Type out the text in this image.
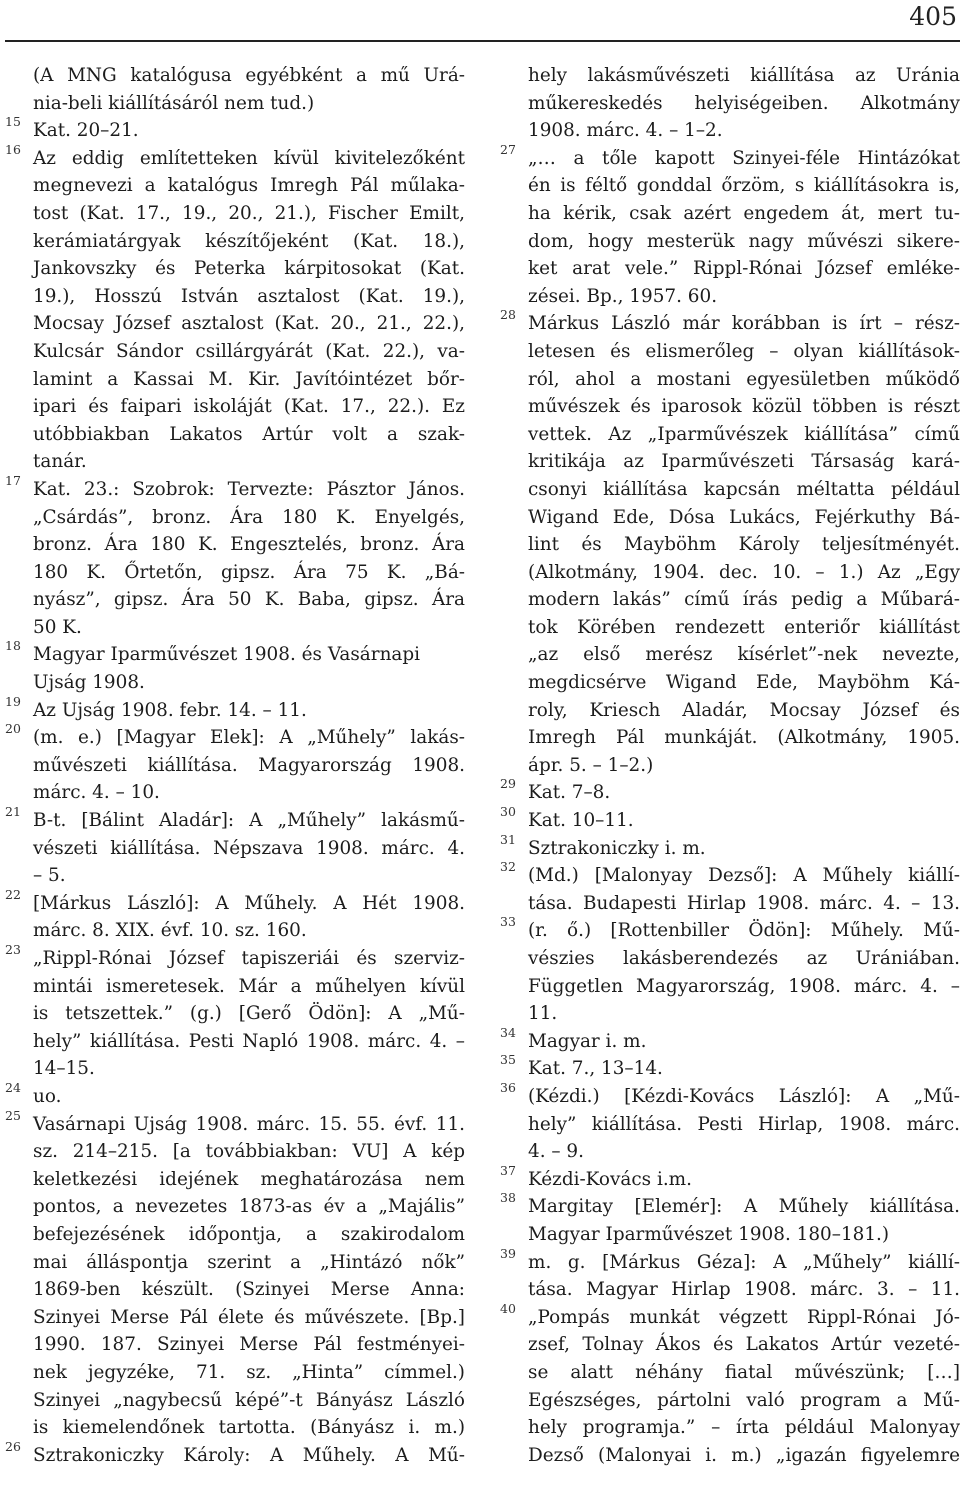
405
(A MNG katalógusa egyébként a mű Urá-
nia-beli kiállításáról nem tud.)
15 Kat. 20–21.
16 Az eddig említetteken kívül kivitelezőként
megnevezi a katalógus Imregh Pál műlaka-
tost (Kat. 17., 19., 20., 21.), Fischer Emilt,
kerámiatárgyak készítőjeként (Kat. 18.),
Jankovszky és Peterka kárpitosokat (Kat.
19.), Hosszú István asztalost (Kat. 19.),
Mocsay József asztalost (Kat. 20., 21., 22.),
Kulcsár Sándor csillárgyárát (Kat. 22.), va-
lamint a Kassai M. Kir. Javítóintézet bőr-
ipari és faipari iskoláját (Kat. 17., 22.). Ez
utóbbiakban Lakatos Artúr volt a szak-
tanár.
17 Kat. 23.: Szobrok: Tervezte: Pásztor János.
„Csárdás”, bronz. Ára 180 K. Enyelgés,
bronz. Ára 180 K. Engesztelés, bronz. Ára
180 K. Őrtetőn, gipsz. Ára 75 K. „Bá-
nyász”, gipsz. Ára 50 K. Baba, gipsz. Ára
50 K.
18 Magyar Iparművészet 1908. és Vasárnapi
Ujság 1908.
19 Az Ujság 1908. febr. 14. – 11.
20 (m. e.) [Magyar Elek]: A „Műhely” lakás-
művészeti kiállítása. Magyarország 1908.
márc. 4. – 10.
21 B-t. [Bálint Aladár]: A „Műhely” lakásmű-
vészeti kiállítása. Népszava 1908. márc. 4.
– 5.
22 [Márkus László]: A Műhely. A Hét 1908.
márc. 8. XIX. évf. 10. sz. 160.
23 „Rippl-Rónai József tapiszeriái és szerviz-
mintái ismeretesek. Már a műhelyen kívül
is tetszettek.” (g.) [Gerő Ödön]: A „Mű-
hely” kiállítása. Pesti Napló 1908. márc. 4. –
14–15.
24 uo.
25 Vasárnapi Ujság 1908. márc. 15. 55. évf. 11.
sz. 214–215. [a továbbiakban: VU] A kép
keletkezési idejének meghatározása nem
pontos, a nevezetes 1873-as év a „Majális”
befejezésének időpontja, a szakirodalom
mai álláspontja szerint a „Hintázó nők”
1869-ben készült. (Szinyei Merse Anna:
Szinyei Merse Pál élete és művészete. [Bp.]
1990. 187. Szinyei Merse Pál festményei-
nek jegyzéke, 71. sz. „Hinta” címmel.)
Szinyei „nagybecsű képé”-t Bányász László
is kiemelendőnek tartotta. (Bányász i. m.)
26 Sztrakoniczky Károly: A Műhely. A Mű-
hely lakásművészeti kiállítása az Uránia
műkereskedés helyiségeiben. Alkotmány
1908. márc. 4. – 1–2.
27 „… a tőle kapott Szinyei-féle Hintázókat
én is féltő gonddal őrzöm, s kiállításokra is,
ha kérik, csak azért engedem át, mert tu-
dom, hogy mesterük nagy művészi sikere-
ket arat vele.” Rippl-Rónai József emléke-
zései. Bp., 1957. 60.
28 Márkus László már korábban is írt – rész-
letesen és elismerőleg – olyan kiállítások-
ról, ahol a mostani egyesületben működő
művészek és iparosok közül többen is részt
vettek. Az „Iparművészek kiállítása” című
kritikája az Iparművészeti Társaság kará-
csonyi kiállítása kapcsán méltatta például
Wigand Ede, Dósa Lukács, Fejérkuthy Bá-
lint és Mayböhm Károly teljesítményét.
(Alkotmány, 1904. dec. 10. – 1.) Az „Egy
modern lakás” című írás pedig a Műbará-
tok Körében rendezett enteriőr kiállítást
„az első merész kísérlet”-nek nevezte,
megdicsérve Wigand Ede, Mayböhm Ká-
roly, Kriesch Aladár, Mocsay József és
Imregh Pál munkáját. (Alkotmány, 1905.
ápr. 5. – 1–2.)
29 Kat. 7–8.
30 Kat. 10–11.
31 Sztrakoniczky i. m.
32 (Md.) [Malonyay Dezső]: A Műhely kiállí-
tása. Budapesti Hirlap 1908. márc. 4. – 13.
33 (r. ő.) [Rottenbiller Ödön]: Műhely. Mű-
vészies lakásberendezés az Urániában.
Független Magyarország, 1908. márc. 4. –
11.
34 Magyar i. m.
35 Kat. 7., 13–14.
36 (Kézdi.) [Kézdi-Kovács László]: A „Mű-
hely” kiállítása. Pesti Hirlap, 1908. márc.
4. – 9.
37 Kézdi-Kovács i.m.
38 Margitay [Elemér]: A Műhely kiállítása.
Magyar Iparművészet 1908. 180–181.)
39 m. g. [Márkus Géza]: A „Műhely” kiállí-
tása. Magyar Hirlap 1908. márc. 3. – 11.
40 „Pompás munkát végzett Rippl-Rónai Jó-
zsef, Tolnay Ákos és Lakatos Artúr vezeté-
se alatt néhány fiatal művészünk; […]
Egészséges, pártolni való program a Mű-
hely programja.” – írta például Malonyay
Dezső (Malonyai i. m.) „igazán figyelemre
